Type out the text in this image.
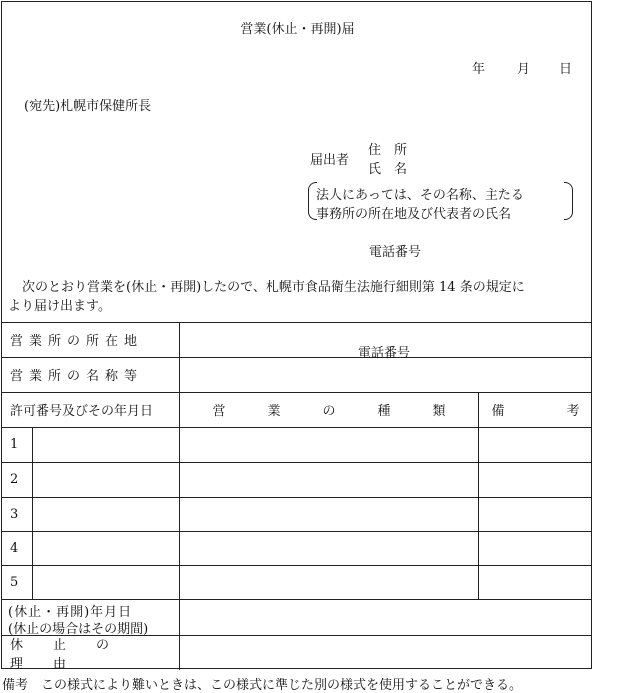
営業(休止・再開)届
年 月 日
(宛先)札幌市保健所長
届出者
住　所
氏　名
法人にあっては、その名称、主たる
事務所の所在地及び代表者の氏名
電話番号
次のとおり営業を(休止・再開)したので、札幌市食品衛生法施行細則第 14 条の規定に
より届け出ます。
営業所の所在地
電話番号
営業所の名称等
許可番号及びその年月日	営業の種類 備考
1
2
3
4
5
(休止・再開)年月日
(休止の場合はその期間)
休止の理由
備考　この様式により難いときは、この様式に準じた別の様式を使用することができる。
